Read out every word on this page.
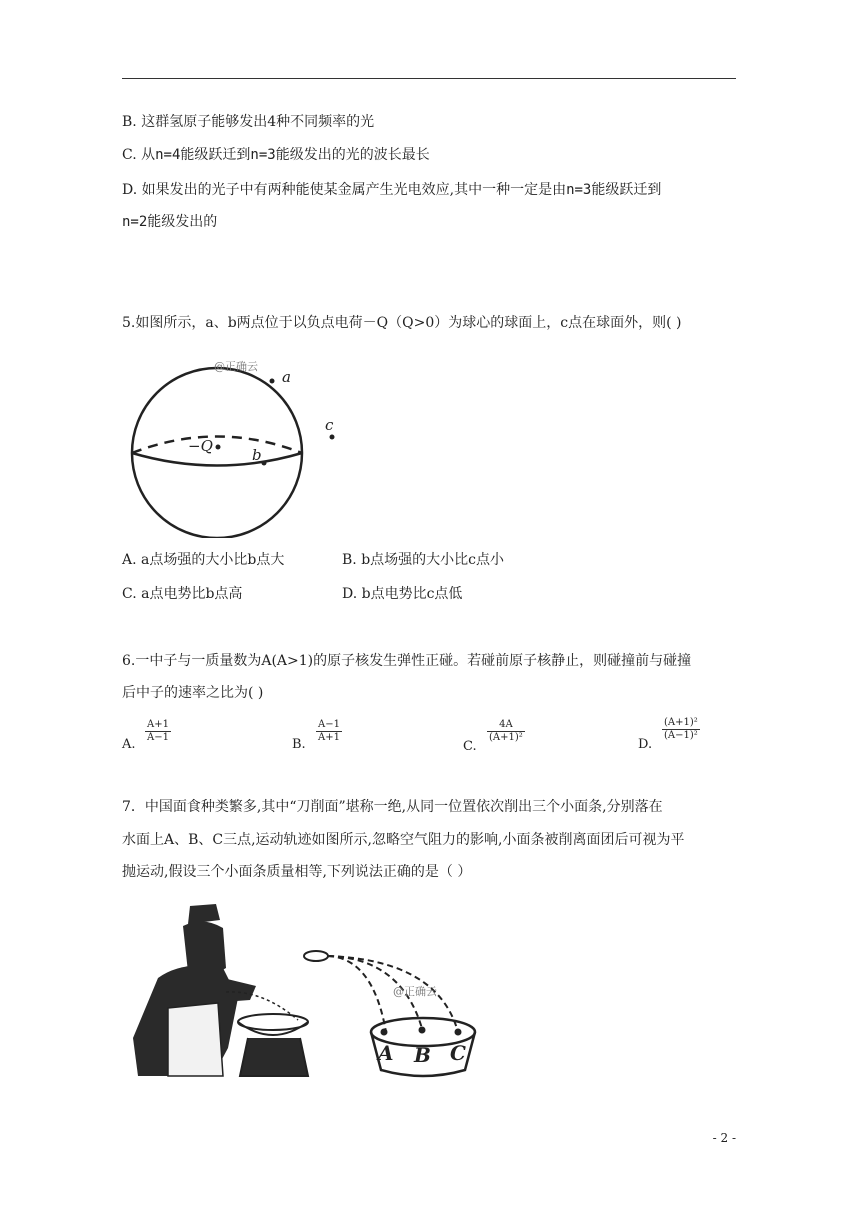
B. 这群氢原子能够发出4种不同频率的光
C. 从n=4能级跃迁到n=3能级发出的光的波长最长
D. 如果发出的光子中有两种能使某金属产生光电效应,其中一种一定是由n=3能级跃迁到
n=2能级发出的
5.如图所示，a、b两点位于以负点电荷－Q（Q>0）为球心的球面上，c点在球面外，则( )
@正确云
a
−Q	b
c
A. a点场强的大小比b点大	B. b点场强的大小比c点小
C. a点电势比b点高	D. b点电势比c点低
6.一中子与一质量数为A(A>1)的原子核发生弹性正碰。若碰前原子核静止，则碰撞前与碰撞
后中子的速率之比为( )
A.
$\frac{A+1}{A-1}$
B.
$\frac{A-1}{A+1}$
C.
$\frac{4A}{\text{(A+1)²}}$
D.
$\frac{\text{(A+1)²}}{\text{(A−1)²}}$
7．中国面食种类繁多,其中“刀削面”堪称一绝,从同一位置依次削出三个小面条,分别落在
水面上A、B、C三点,运动轨迹如图所示,忽略空气阻力的影响,小面条被削离面团后可视为平
抛运动,假设三个小面条质量相等,下列说法正确的是（ ）
@正确云
A B C
- 2 -
